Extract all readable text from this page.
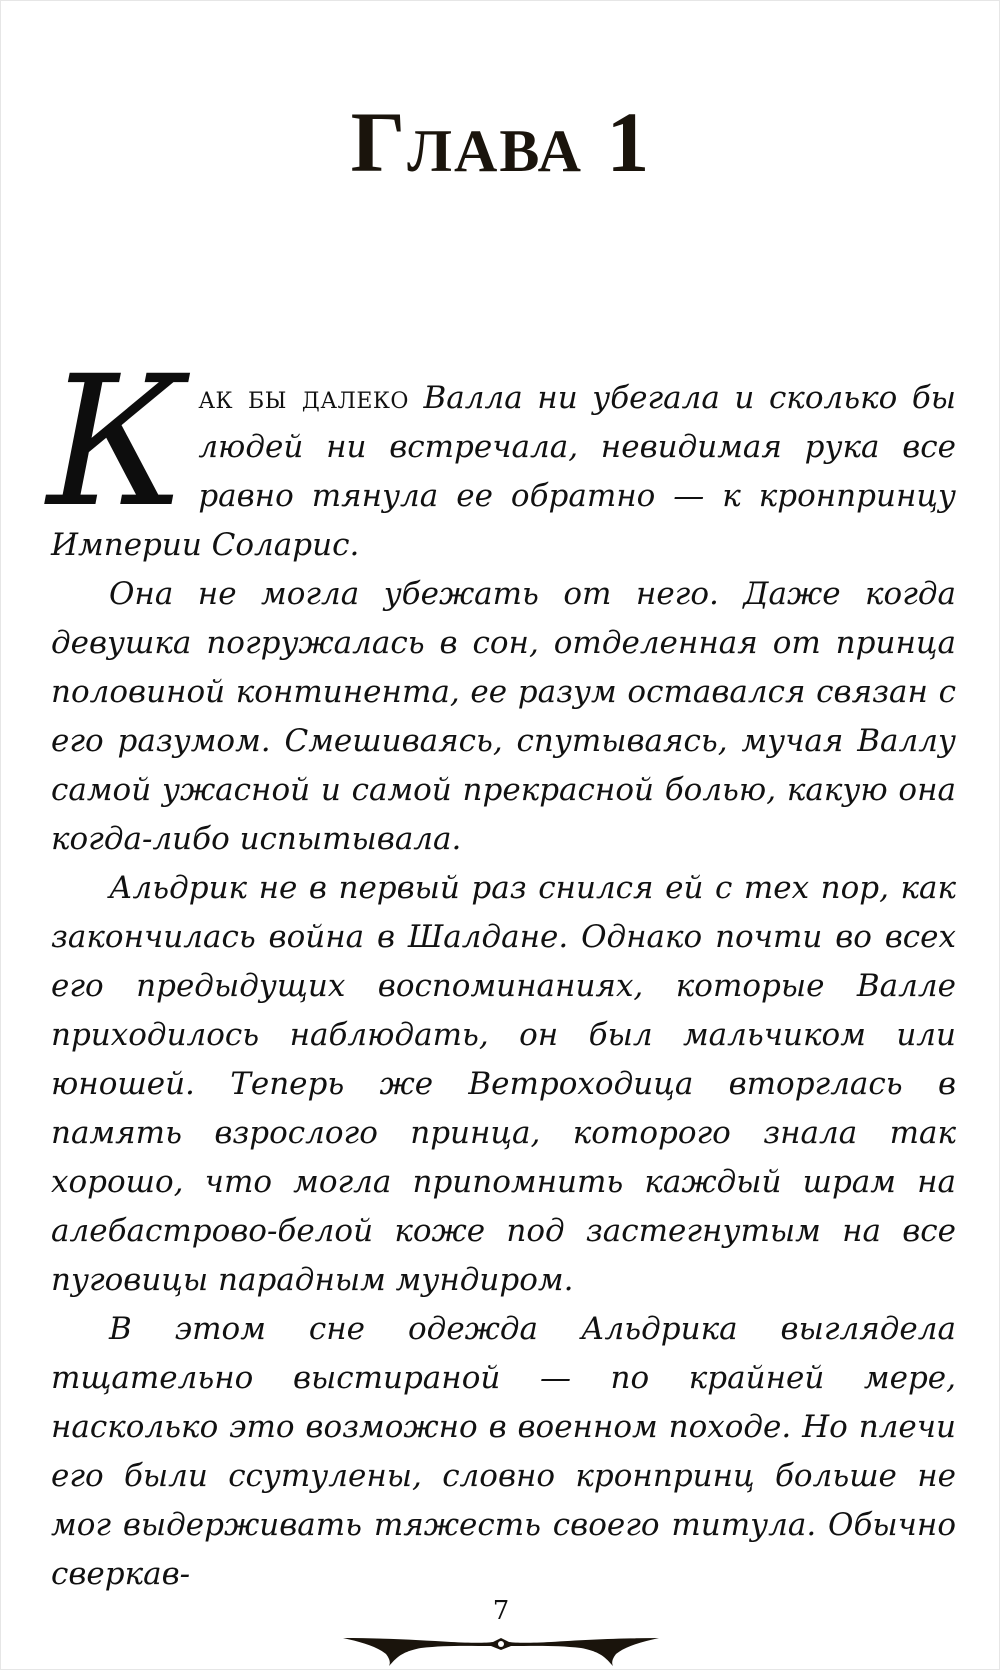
Глава 1

Как бы далеко Валла ни убегала и сколько бы людей ни встречала, невидимая рука все равно тянула ее обратно — к кронпринцу Империи Соларис.

Она не могла убежать от него. Даже когда девушка погружалась в сон, отделенная от принца половиной континента, ее разум оставался связан с его разумом. Смешиваясь, спутываясь, мучая Валлу самой ужасной и самой прекрасной болью, какую она когда-либо испытывала.

Альдрик не в первый раз снился ей с тех пор, как закончилась война в Шалдане. Однако почти во всех его предыдущих воспоминаниях, которые Валле приходилось наблюдать, он был мальчиком или юношей. Теперь же Ветроходица вторглась в память взрослого принца, которого знала так хорошо, что могла припомнить каждый шрам на алебастрово-белой коже под застегнутым на все пуговицы парадным мундиром.

В этом сне одежда Альдрика выглядела тщательно выстираной — по крайней мере, насколько это возможно в военном походе. Но плечи его были ссутулены, словно кронпринц больше не мог выдерживать тяжесть своего титула. Обычно сверкав-

7
